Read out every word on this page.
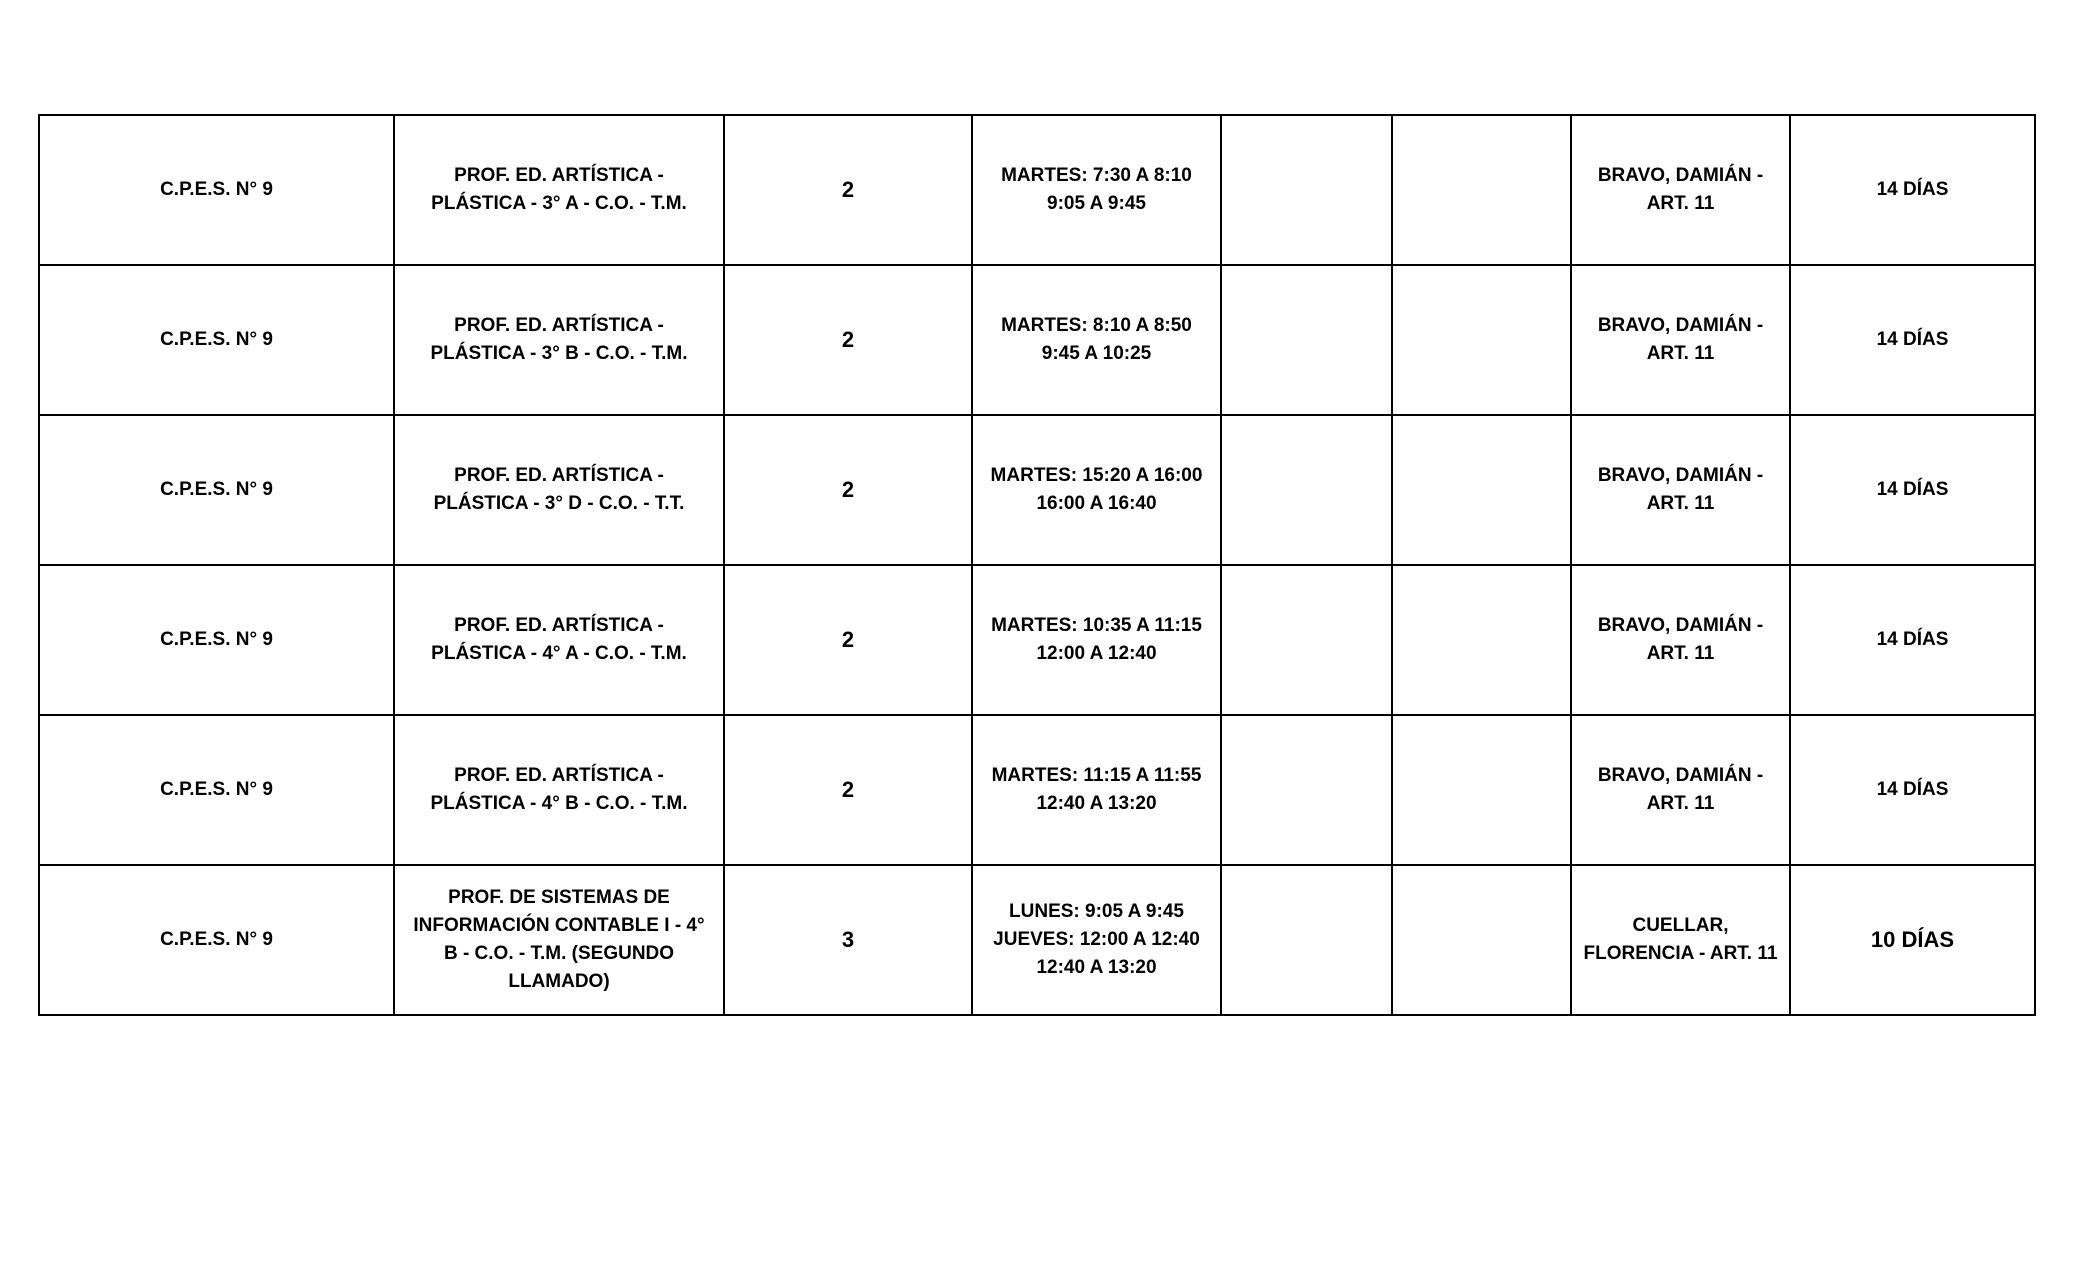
C.P.E.S. N° 9	PROF. ED. ARTÍSTICA - PLÁSTICA - 3° A - C.O. - T.M.	2	MARTES: 7:30 A 8:10 9:05 A 9:45			BRAVO, DAMIÁN - ART. 11	14 DÍAS
C.P.E.S. N° 9	PROF. ED. ARTÍSTICA - PLÁSTICA - 3° B - C.O. - T.M.	2	MARTES: 8:10 A 8:50 9:45 A 10:25			BRAVO, DAMIÁN - ART. 11	14 DÍAS
C.P.E.S. N° 9	PROF. ED. ARTÍSTICA - PLÁSTICA - 3° D - C.O. - T.T.	2	MARTES: 15:20 A 16:00 16:00 A 16:40			BRAVO, DAMIÁN - ART. 11	14 DÍAS
C.P.E.S. N° 9	PROF. ED. ARTÍSTICA - PLÁSTICA - 4° A - C.O. - T.M.	2	MARTES: 10:35 A 11:15 12:00 A 12:40			BRAVO, DAMIÁN - ART. 11	14 DÍAS
C.P.E.S. N° 9	PROF. ED. ARTÍSTICA - PLÁSTICA - 4° B - C.O. - T.M.	2	MARTES: 11:15 A 11:55 12:40 A 13:20			BRAVO, DAMIÁN - ART. 11	14 DÍAS
C.P.E.S. N° 9	PROF. DE SISTEMAS DE INFORMACIÓN CONTABLE I - 4° B - C.O. - T.M. (SEGUNDO LLAMADO)	3	LUNES: 9:05 A 9:45 JUEVES: 12:00 A 12:40 12:40 A 13:20			CUELLAR, FLORENCIA - ART. 11	10 DÍAS
